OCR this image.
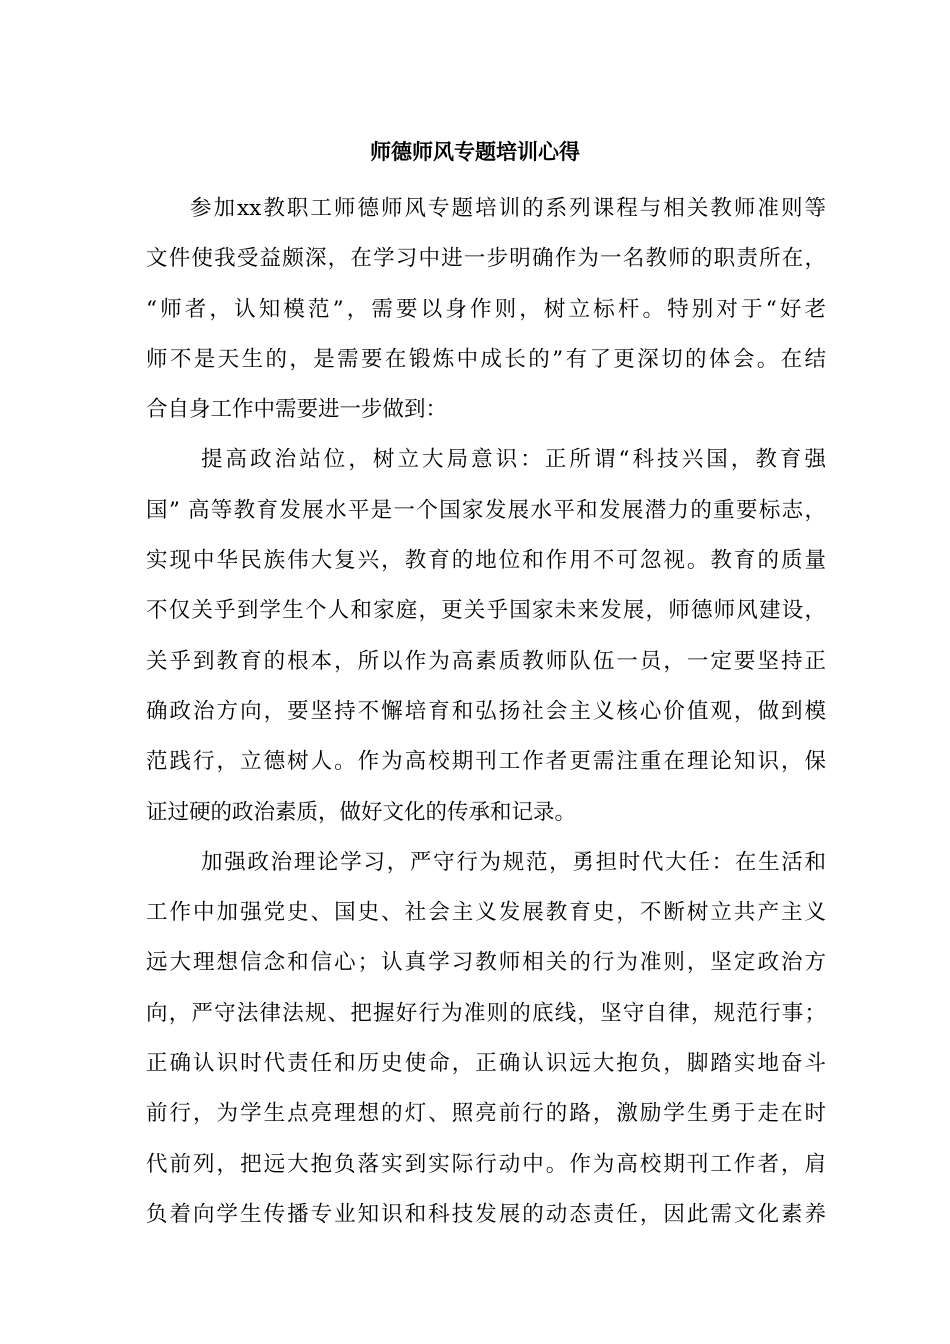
师德师风专题培训心得
参加xx教职工师德师风专题培训的系列课程与相关教师准则等
文件使我受益颇深，在学习中进一步明确作为一名教师的职责所在，
“师者，认知模范”，需要以身作则，树立标杆。特别对于“好老
师不是天生的，是需要在锻炼中成长的”有了更深切的体会。在结
合自身工作中需要进一步做到：
提高政治站位，树立大局意识：正所谓“科技兴国，教育强
国” 高等教育发展水平是一个国家发展水平和发展潜力的重要标志，
实现中华民族伟大复兴，教育的地位和作用不可忽视。教育的质量
不仅关乎到学生个人和家庭，更关乎国家未来发展，师德师风建设，
关乎到教育的根本，所以作为高素质教师队伍一员，一定要坚持正
确政治方向，要坚持不懈培育和弘扬社会主义核心价值观，做到模
范践行，立德树人。作为高校期刊工作者更需注重在理论知识，保
证过硬的政治素质，做好文化的传承和记录。
加强政治理论学习，严守行为规范，勇担时代大任：在生活和
工作中加强党史、国史、社会主义发展教育史，不断树立共产主义
远大理想信念和信心；认真学习教师相关的行为准则，坚定政治方
向，严守法律法规、把握好行为准则的底线，坚守自律，规范行事；
正确认识时代责任和历史使命，正确认识远大抱负，脚踏实地奋斗
前行，为学生点亮理想的灯、照亮前行的路，激励学生勇于走在时
代前列，把远大抱负落实到实际行动中。作为高校期刊工作者，肩
负着向学生传播专业知识和科技发展的动态责任，因此需文化素养
